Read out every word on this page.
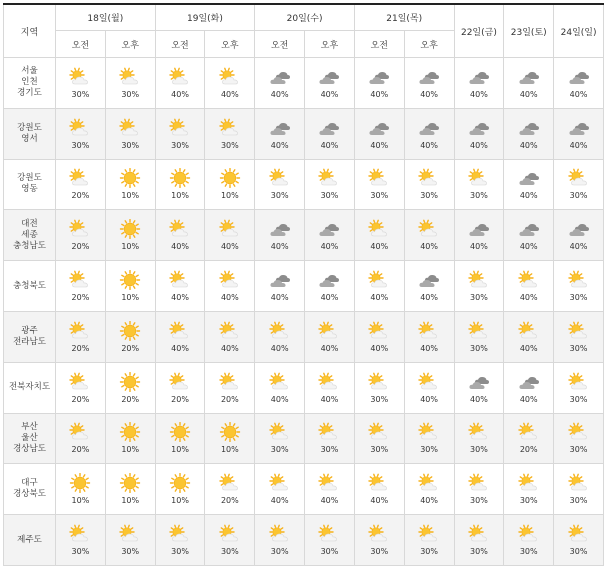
지역	18일(월)		19일(화)		20일(수)		21일(목)		22일(금)	23일(토)	24일(일)
	오전	오후	오전	오후	오전	오후	오전	오후			

서울
인천
경기도	30%	30%	40%	40%	40%	40%	40%	40%	40%	40%	40%

강원도
영서	30%	30%	30%	30%	40%	40%	40%	40%	40%	40%	40%

강원도
영동	20%	10%	10%	10%	30%	30%	30%	30%	30%	40%	30%

대전
세종
충청남도	20%	10%	40%	40%	40%	40%	40%	40%	40%	40%	40%

충청북도	20%	10%	40%	40%	40%	40%	40%	40%	30%	40%	30%

광주
전라남도	20%	20%	40%	40%	40%	40%	40%	40%	30%	40%	30%

전북자치도	20%	20%	20%	20%	40%	40%	30%	40%	40%	40%	30%

부산
울산
경상남도	20%	10%	10%	10%	30%	30%	30%	30%	30%	20%	30%

대구
경상북도	10%	10%	10%	20%	40%	40%	40%	40%	30%	30%	30%

제주도	30%	30%	30%	30%	30%	30%	30%	30%	30%	30%	30%
